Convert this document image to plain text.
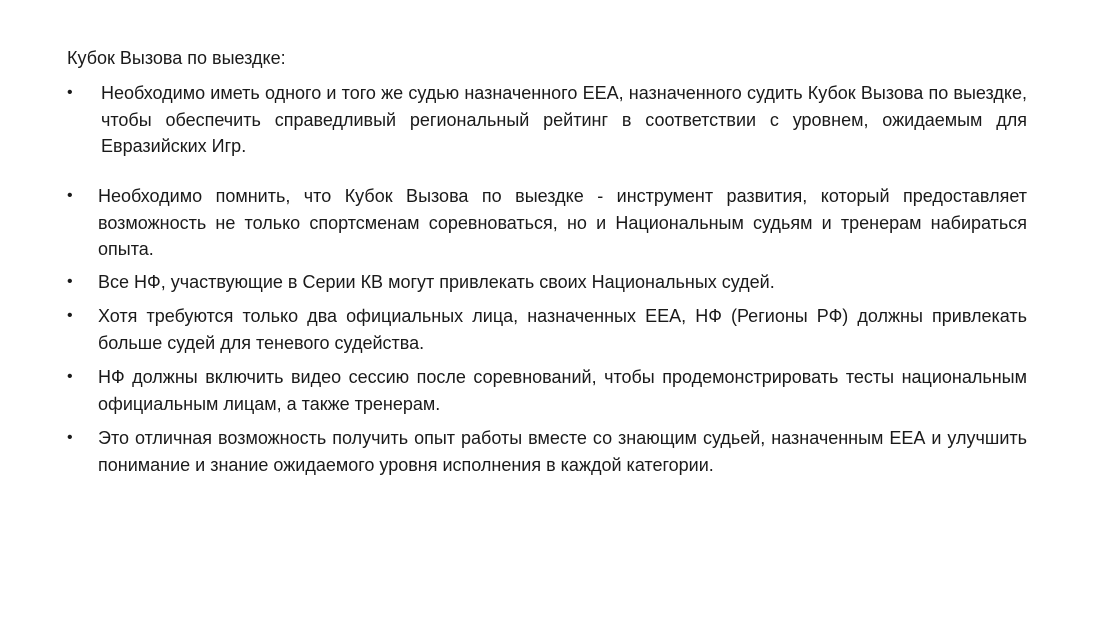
Кубок Вызова по выездке:
• Необходимо иметь одного и того же судью назначенного ЕЕА, назначенного судить Кубок Вызова по выездке, чтобы обеспечить справедливый региональный рейтинг в соответствии с уровнем, ожидаемым для Евразийских Игр.
• Необходимо помнить, что Кубок Вызова по выездке - инструмент развития, который предоставляет возможность не только спортсменам соревноваться, но и Национальным судьям и тренерам набираться опыта.
• Все НФ, участвующие в Серии КВ могут привлекать своих Национальных судей.
• Хотя требуются только два официальных лица, назначенных ЕЕА, НФ (Регионы РФ) должны привлекать больше судей для теневого судейства.
• НФ должны включить видео сессию после соревнований, чтобы продемонстрировать тесты национальным официальным лицам, а также тренерам.
• Это отличная возможность получить опыт работы вместе со знающим судьей, назначенным ЕЕА и улучшить понимание и знание ожидаемого уровня исполнения в каждой категории.
